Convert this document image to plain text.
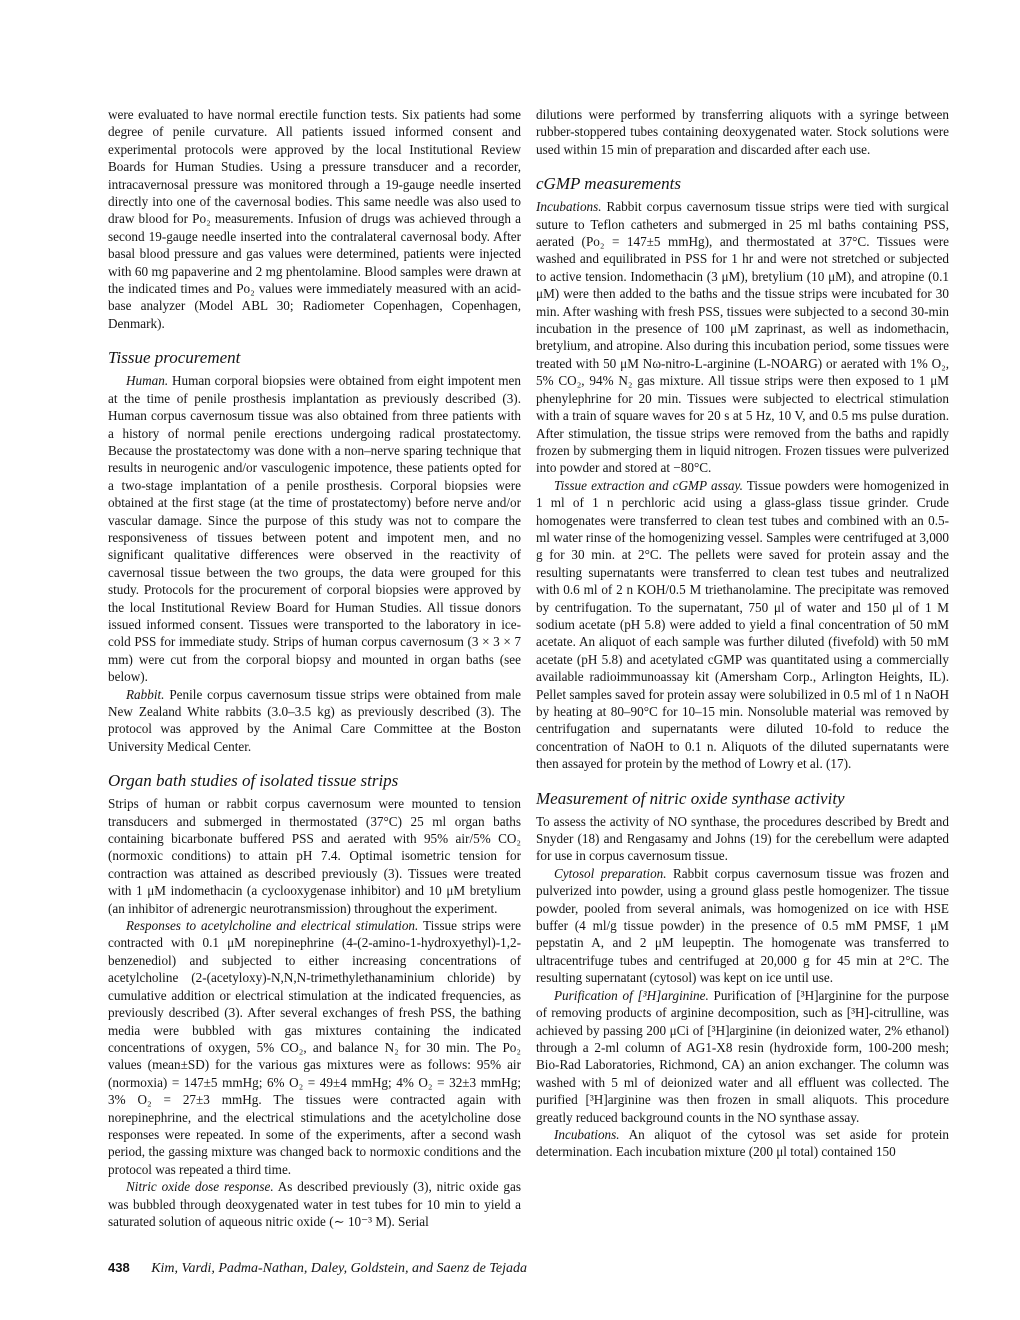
were evaluated to have normal erectile function tests. Six patients had some degree of penile curvature. All patients issued informed consent and experimental protocols were approved by the local Institutional Review Boards for Human Studies. Using a pressure transducer and a recorder, intracavernosal pressure was monitored through a 19-gauge needle inserted directly into one of the cavernosal bodies. This same needle was also used to draw blood for Po₂ measurements. Infusion of drugs was achieved through a second 19-gauge needle inserted into the contralateral cavernosal body. After basal blood pressure and gas values were determined, patients were injected with 60 mg papaverine and 2 mg phentolamine. Blood samples were drawn at the indicated times and Po₂ values were immediately measured with an acid-base analyzer (Model ABL 30; Radiometer Copenhagen, Copenhagen, Denmark).

Tissue procurement

Human. Human corporal biopsies were obtained from eight impotent men at the time of penile prosthesis implantation as previously described (3). Human corpus cavernosum tissue was also obtained from three patients with a history of normal penile erections undergoing radical prostatectomy. Because the prostatectomy was done with a non–nerve sparing technique that results in neurogenic and/or vasculogenic impotence, these patients opted for a two-stage implantation of a penile prosthesis. Corporal biopsies were obtained at the first stage (at the time of prostatectomy) before nerve and/or vascular damage. Since the purpose of this study was not to compare the responsiveness of tissues between potent and impotent men, and no significant qualitative differences were observed in the reactivity of cavernosal tissue between the two groups, the data were grouped for this study. Protocols for the procurement of corporal biopsies were approved by the local Institutional Review Board for Human Studies. All tissue donors issued informed consent. Tissues were transported to the laboratory in ice-cold PSS for immediate study. Strips of human corpus cavernosum (3 × 3 × 7 mm) were cut from the corporal biopsy and mounted in organ baths (see below).

Rabbit. Penile corpus cavernosum tissue strips were obtained from male New Zealand White rabbits (3.0–3.5 kg) as previously described (3). The protocol was approved by the Animal Care Committee at the Boston University Medical Center.

Organ bath studies of isolated tissue strips

Strips of human or rabbit corpus cavernosum were mounted to tension transducers and submerged in thermostated (37°C) 25 ml organ baths containing bicarbonate buffered PSS and aerated with 95% air/5% CO₂ (normoxic conditions) to attain pH 7.4. Optimal isometric tension for contraction was attained as described previously (3). Tissues were treated with 1 μM indomethacin (a cyclooxygenase inhibitor) and 10 μM bretylium (an inhibitor of adrenergic neurotransmission) throughout the experiment.

Responses to acetylcholine and electrical stimulation. Tissue strips were contracted with 0.1 μM norepinephrine (4-(2-amino-1-hydroxyethyl)-1,2-benzenediol) and subjected to either increasing concentrations of acetylcholine (2-(acetyloxy)-N,N,N-trimethylethanaminium chloride) by cumulative addition or electrical stimulation at the indicated frequencies, as previously described (3). After several exchanges of fresh PSS, the bathing media were bubbled with gas mixtures containing the indicated concentrations of oxygen, 5% CO₂, and balance N₂ for 30 min. The Po₂ values (mean±SD) for the various gas mixtures were as follows: 95% air (normoxia) = 147±5 mmHg; 6% O₂ = 49±4 mmHg; 4% O₂ = 32±3 mmHg; 3% O₂ = 27±3 mmHg. The tissues were contracted again with norepinephrine, and the electrical stimulations and the acetylcholine dose responses were repeated. In some of the experiments, after a second wash period, the gassing mixture was changed back to normoxic conditions and the protocol was repeated a third time.

Nitric oxide dose response. As described previously (3), nitric oxide gas was bubbled through deoxygenated water in test tubes for 10 min to yield a saturated solution of aqueous nitric oxide (∼ 10⁻³ M). Serial

dilutions were performed by transferring aliquots with a syringe between rubber-stoppered tubes containing deoxygenated water. Stock solutions were used within 15 min of preparation and discarded after each use.

cGMP measurements

Incubations. Rabbit corpus cavernosum tissue strips were tied with surgical suture to Teflon catheters and submerged in 25 ml baths containing PSS, aerated (Po₂ = 147±5 mmHg), and thermostated at 37°C. Tissues were washed and equilibrated in PSS for 1 hr and were not stretched or subjected to active tension. Indomethacin (3 μM), bretylium (10 μM), and atropine (0.1 μM) were then added to the baths and the tissue strips were incubated for 30 min. After washing with fresh PSS, tissues were subjected to a second 30-min incubation in the presence of 100 μM zaprinast, as well as indomethacin, bretylium, and atropine. Also during this incubation period, some tissues were treated with 50 μM Nω-nitro-L-arginine (L-NOARG) or aerated with 1% O₂, 5% CO₂, 94% N₂ gas mixture. All tissue strips were then exposed to 1 μM phenylephrine for 20 min. Tissues were subjected to electrical stimulation with a train of square waves for 20 s at 5 Hz, 10 V, and 0.5 ms pulse duration. After stimulation, the tissue strips were removed from the baths and rapidly frozen by submerging them in liquid nitrogen. Frozen tissues were pulverized into powder and stored at −80°C.

Tissue extraction and cGMP assay. Tissue powders were homogenized in 1 ml of 1 n perchloric acid using a glass-glass tissue grinder. Crude homogenates were transferred to clean test tubes and combined with an 0.5-ml water rinse of the homogenizing vessel. Samples were centrifuged at 3,000 g for 30 min. at 2°C. The pellets were saved for protein assay and the resulting supernatants were transferred to clean test tubes and neutralized with 0.6 ml of 2 n KOH/0.5 M triethanolamine. The precipitate was removed by centrifugation. To the supernatant, 750 μl of water and 150 μl of 1 M sodium acetate (pH 5.8) were added to yield a final concentration of 50 mM acetate. An aliquot of each sample was further diluted (fivefold) with 50 mM acetate (pH 5.8) and acetylated cGMP was quantitated using a commercially available radioimmunoassay kit (Amersham Corp., Arlington Heights, IL). Pellet samples saved for protein assay were solubilized in 0.5 ml of 1 n NaOH by heating at 80–90°C for 10–15 min. Nonsoluble material was removed by centrifugation and supernatants were diluted 10-fold to reduce the concentration of NaOH to 0.1 n. Aliquots of the diluted supernatants were then assayed for protein by the method of Lowry et al. (17).

Measurement of nitric oxide synthase activity

To assess the activity of NO synthase, the procedures described by Bredt and Snyder (18) and Rengasamy and Johns (19) for the cerebellum were adapted for use in corpus cavernosum tissue.

Cytosol preparation. Rabbit corpus cavernosum tissue was frozen and pulverized into powder, using a ground glass pestle homogenizer. The tissue powder, pooled from several animals, was homogenized on ice with HSE buffer (4 ml/g tissue powder) in the presence of 0.5 mM PMSF, 1 μM pepstatin A, and 2 μM leupeptin. The homogenate was transferred to ultracentrifuge tubes and centrifuged at 20,000 g for 45 min at 2°C. The resulting supernatant (cytosol) was kept on ice until use.

Purification of [³H]arginine. Purification of [³H]arginine for the purpose of removing products of arginine decomposition, such as [³H]-citrulline, was achieved by passing 200 μCi of [³H]arginine (in deionized water, 2% ethanol) through a 2-ml column of AG1-X8 resin (hydroxide form, 100-200 mesh; Bio-Rad Laboratories, Richmond, CA) an anion exchanger. The column was washed with 5 ml of deionized water and all effluent was collected. The purified [³H]arginine was then frozen in small aliquots. This procedure greatly reduced background counts in the NO synthase assay.

Incubations. An aliquot of the cytosol was set aside for protein determination. Each incubation mixture (200 μl total) contained 150

438 Kim, Vardi, Padma-Nathan, Daley, Goldstein, and Saenz de Tejada
